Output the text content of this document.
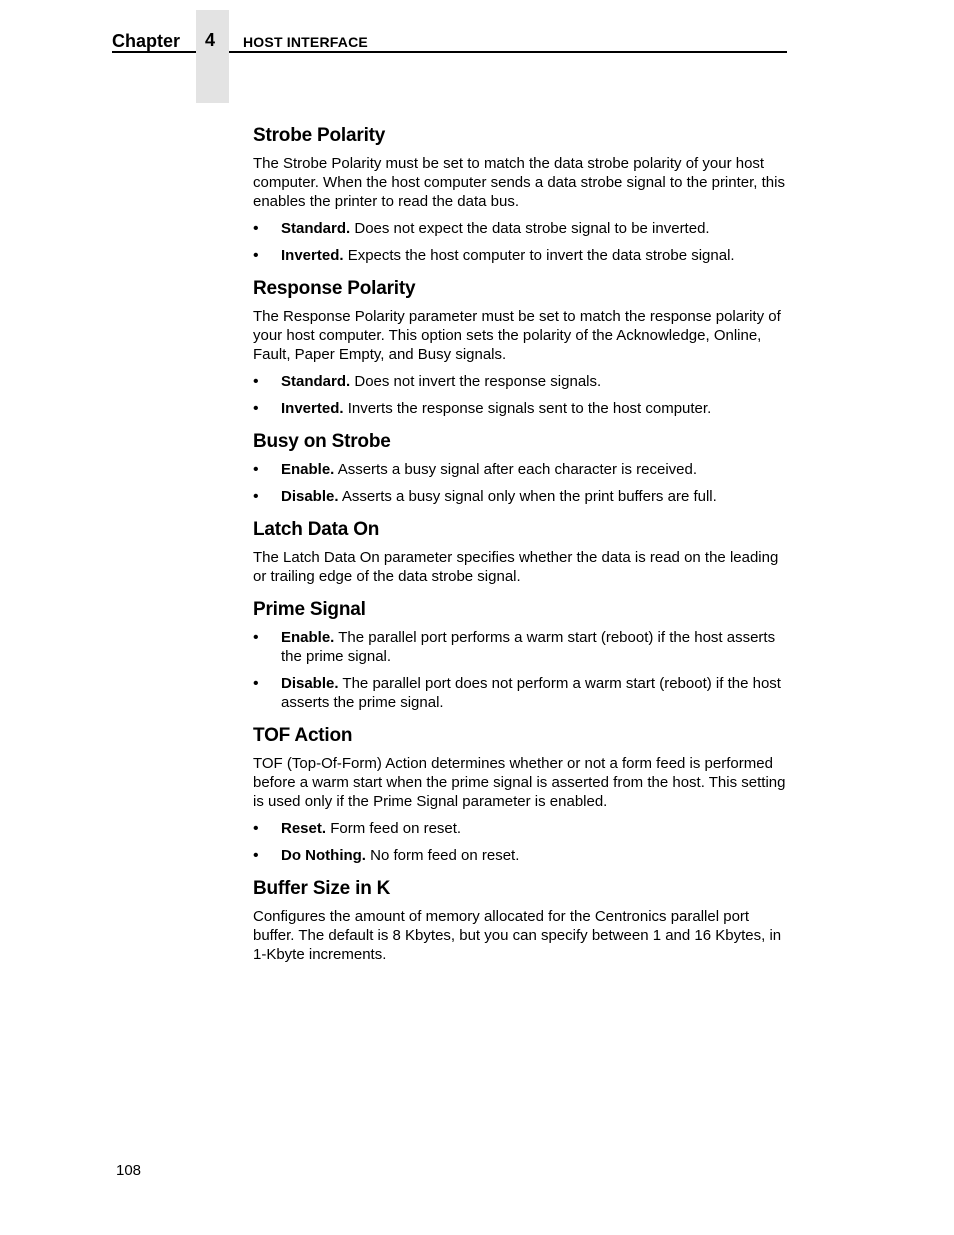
Chapter 4 HOST INTERFACE
Strobe Polarity
The Strobe Polarity must be set to match the data strobe polarity of your host computer. When the host computer sends a data strobe signal to the printer, this enables the printer to read the data bus.
• Standard. Does not expect the data strobe signal to be inverted.
• Inverted. Expects the host computer to invert the data strobe signal.
Response Polarity
The Response Polarity parameter must be set to match the response polarity of your host computer. This option sets the polarity of the Acknowledge, Online, Fault, Paper Empty, and Busy signals.
• Standard. Does not invert the response signals.
• Inverted. Inverts the response signals sent to the host computer.
Busy on Strobe
• Enable. Asserts a busy signal after each character is received.
• Disable. Asserts a busy signal only when the print buffers are full.
Latch Data On
The Latch Data On parameter specifies whether the data is read on the leading or trailing edge of the data strobe signal.
Prime Signal
• Enable. The parallel port performs a warm start (reboot) if the host asserts the prime signal.
• Disable. The parallel port does not perform a warm start (reboot) if the host asserts the prime signal.
TOF Action
TOF (Top-Of-Form) Action determines whether or not a form feed is performed before a warm start when the prime signal is asserted from the host. This setting is used only if the Prime Signal parameter is enabled.
• Reset. Form feed on reset.
• Do Nothing. No form feed on reset.
Buffer Size in K
Configures the amount of memory allocated for the Centronics parallel port buffer. The default is 8 Kbytes, but you can specify between 1 and 16 Kbytes, in 1-Kbyte increments.
108
